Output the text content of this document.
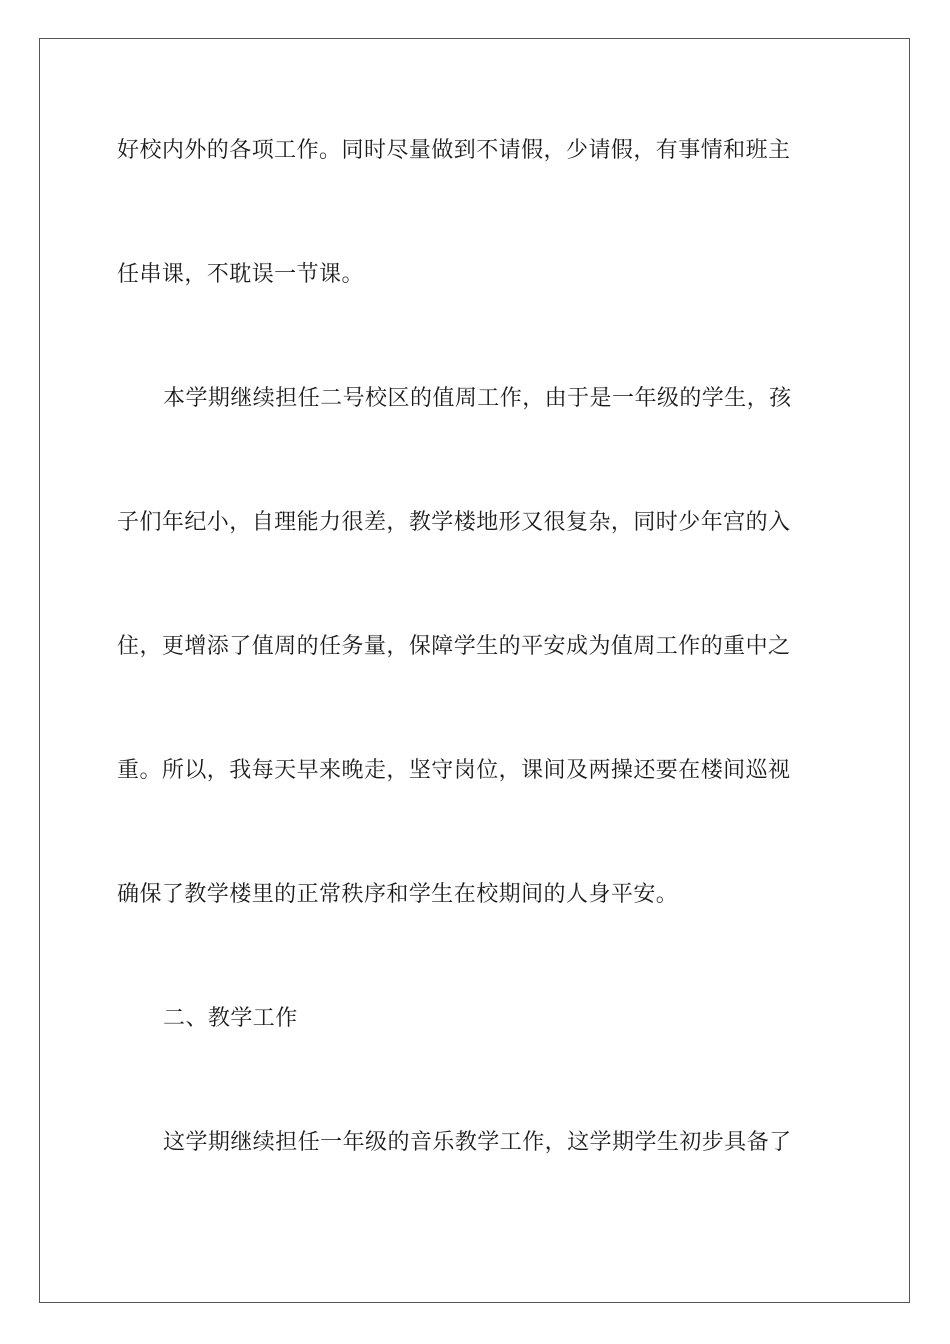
好校内外的各项工作。同时尽量做到不请假，少请假，有事情和班主
任串课，不耽误一节课。
本学期继续担任二号校区的值周工作，由于是一年级的学生，孩
子们年纪小，自理能力很差，教学楼地形又很复杂，同时少年宫的入
住，更增添了值周的任务量，保障学生的平安成为值周工作的重中之
重。所以，我每天早来晚走，坚守岗位，课间及两操还要在楼间巡视
确保了教学楼里的正常秩序和学生在校期间的人身平安。
二、教学工作
这学期继续担任一年级的音乐教学工作，这学期学生初步具备了
